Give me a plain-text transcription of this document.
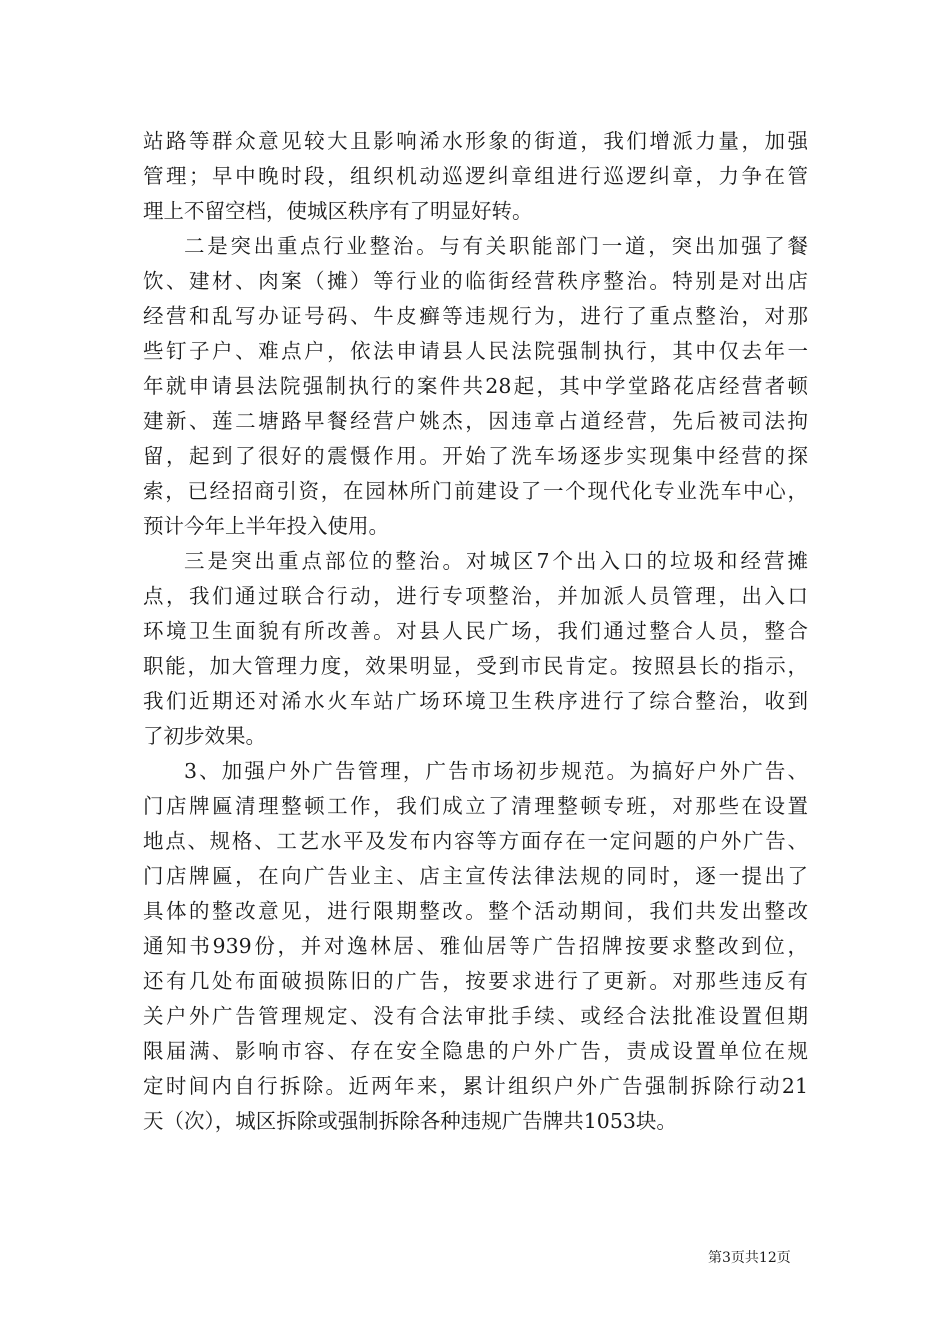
站路等群众意见较大且影响浠水形象的街道，我们增派力量，加强
管理；早中晚时段，组织机动巡逻纠章组进行巡逻纠章，力争在管
理上不留空档，使城区秩序有了明显好转。
二是突出重点行业整治。与有关职能部门一道，突出加强了餐
饮、建材、肉案（摊）等行业的临街经营秩序整治。特别是对出店
经营和乱写办证号码、牛皮癣等违规行为，进行了重点整治，对那
些钉子户、难点户，依法申请县人民法院强制执行，其中仅去年一
年就申请县法院强制执行的案件共28起，其中学堂路花店经营者顿
建新、莲二塘路早餐经营户姚杰，因违章占道经营，先后被司法拘
留，起到了很好的震慑作用。开始了洗车场逐步实现集中经营的探
索，已经招商引资，在园林所门前建设了一个现代化专业洗车中心，
预计今年上半年投入使用。
三是突出重点部位的整治。对城区7个出入口的垃圾和经营摊
点，我们通过联合行动，进行专项整治，并加派人员管理，出入口
环境卫生面貌有所改善。对县人民广场，我们通过整合人员，整合
职能，加大管理力度，效果明显，受到市民肯定。按照县长的指示，
我们近期还对浠水火车站广场环境卫生秩序进行了综合整治，收到
了初步效果。
3、加强户外广告管理，广告市场初步规范。为搞好户外广告、
门店牌匾清理整顿工作，我们成立了清理整顿专班，对那些在设置
地点、规格、工艺水平及发布内容等方面存在一定问题的户外广告、
门店牌匾，在向广告业主、店主宣传法律法规的同时，逐一提出了
具体的整改意见，进行限期整改。整个活动期间，我们共发出整改
通知书939份，并对逸林居、雅仙居等广告招牌按要求整改到位，
还有几处布面破损陈旧的广告，按要求进行了更新。对那些违反有
关户外广告管理规定、没有合法审批手续、或经合法批准设置但期
限届满、影响市容、存在安全隐患的户外广告，责成设置单位在规
定时间内自行拆除。近两年来，累计组织户外广告强制拆除行动21
天（次），城区拆除或强制拆除各种违规广告牌共1053块。
第3页共12页
